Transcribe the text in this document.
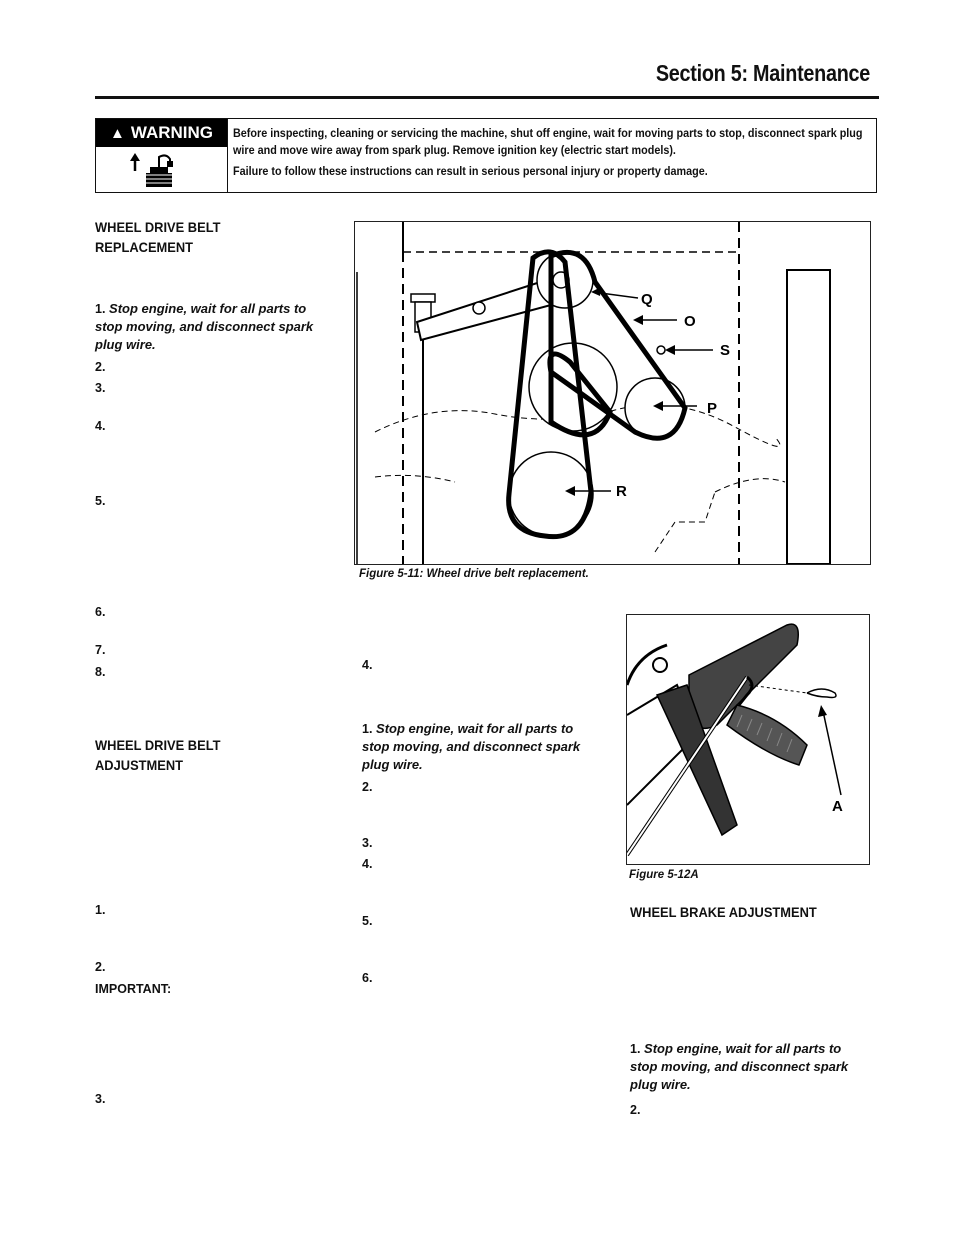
Section 5: Maintenance
▲ WARNING	Before inspecting, cleaning or servicing the machine, shut off engine, wait for moving parts to stop, disconnect spark plug wire and move wire away from spark plug. Remove ignition key (electric start models).

Failure to follow these instructions can result in serious personal injury or property damage.

WHEEL DRIVE BELT
REPLACEMENT
1. Stop engine, wait for all parts to
stop moving, and disconnect spark
plug wire.
2.
3.
4.
5.
6.
7.
8.
WHEEL DRIVE BELT
ADJUSTMENT
1.
2.
IMPORTANT:
3.
Q
O
S
P
R
Figure 5-11: Wheel drive belt replacement.
4.
1. Stop engine, wait for all parts to
stop moving, and disconnect spark
plug wire.
2.
3.
4.
5.
6.
A
Figure 5-12A
WHEEL BRAKE ADJUSTMENT
1. Stop engine, wait for all parts to
stop moving, and disconnect spark
plug wire.
2.
